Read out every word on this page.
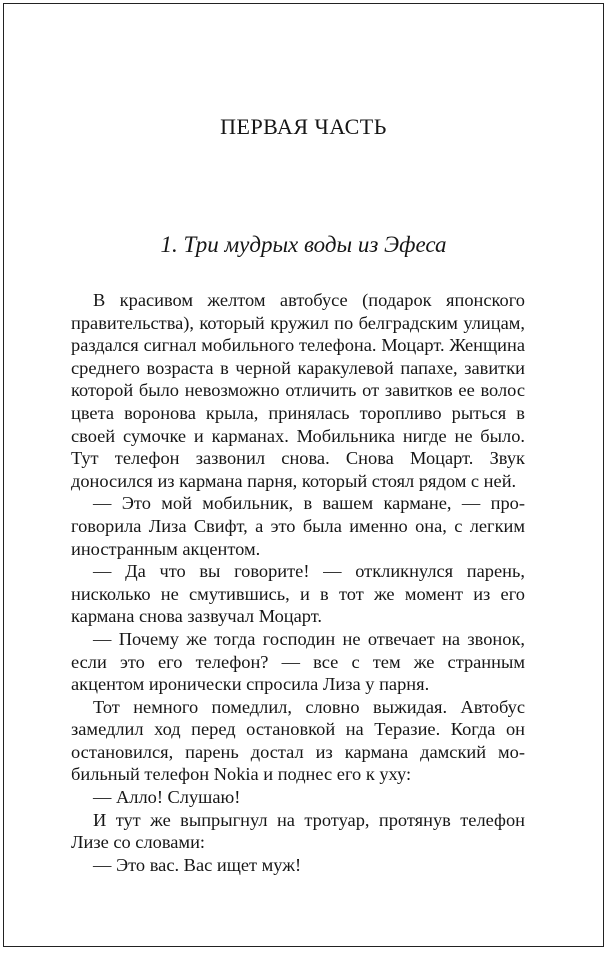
ПЕРВАЯ ЧАСТЬ
1. Три мудрых воды из Эфеса

В красивом желтом автобусе (подарок японского правительства), который кружил по белградским улицам, раздался сигнал мобильного телефона. Моцарт. Женщина среднего возраста в черной каракулевой папахе, завитки которой было невозможно отличить от завитков ее волос цвета воронова крыла, принялась торопливо рыться в своей сумочке и карманах. Мобильника нигде не было. Тут телефон зазвонил снова. Снова Моцарт. Звук доносился из кармана парня, который стоял рядом с ней.

— Это мой мобильник, в вашем кармане, — проговорила Лиза Свифт, а это была именно она, с легким иностранным акцентом.

— Да что вы говорите! — откликнулся парень, нисколько не смутившись, и в тот же момент из его кармана снова зазвучал Моцарт.

— Почему же тогда господин не отвечает на звонок, если это его телефон? — все с тем же странным акцентом иронически спросила Лиза у парня.

Тот немного помедлил, словно выжидая. Автобус замедлил ход перед остановкой на Теразие. Когда он остановился, парень достал из кармана дамский мобильный телефон Nokia и поднес его к уху:

— Алло! Слушаю!

И тут же выпрыгнул на тротуар, протянув телефон Лизе со словами:

— Это вас. Вас ищет муж!
